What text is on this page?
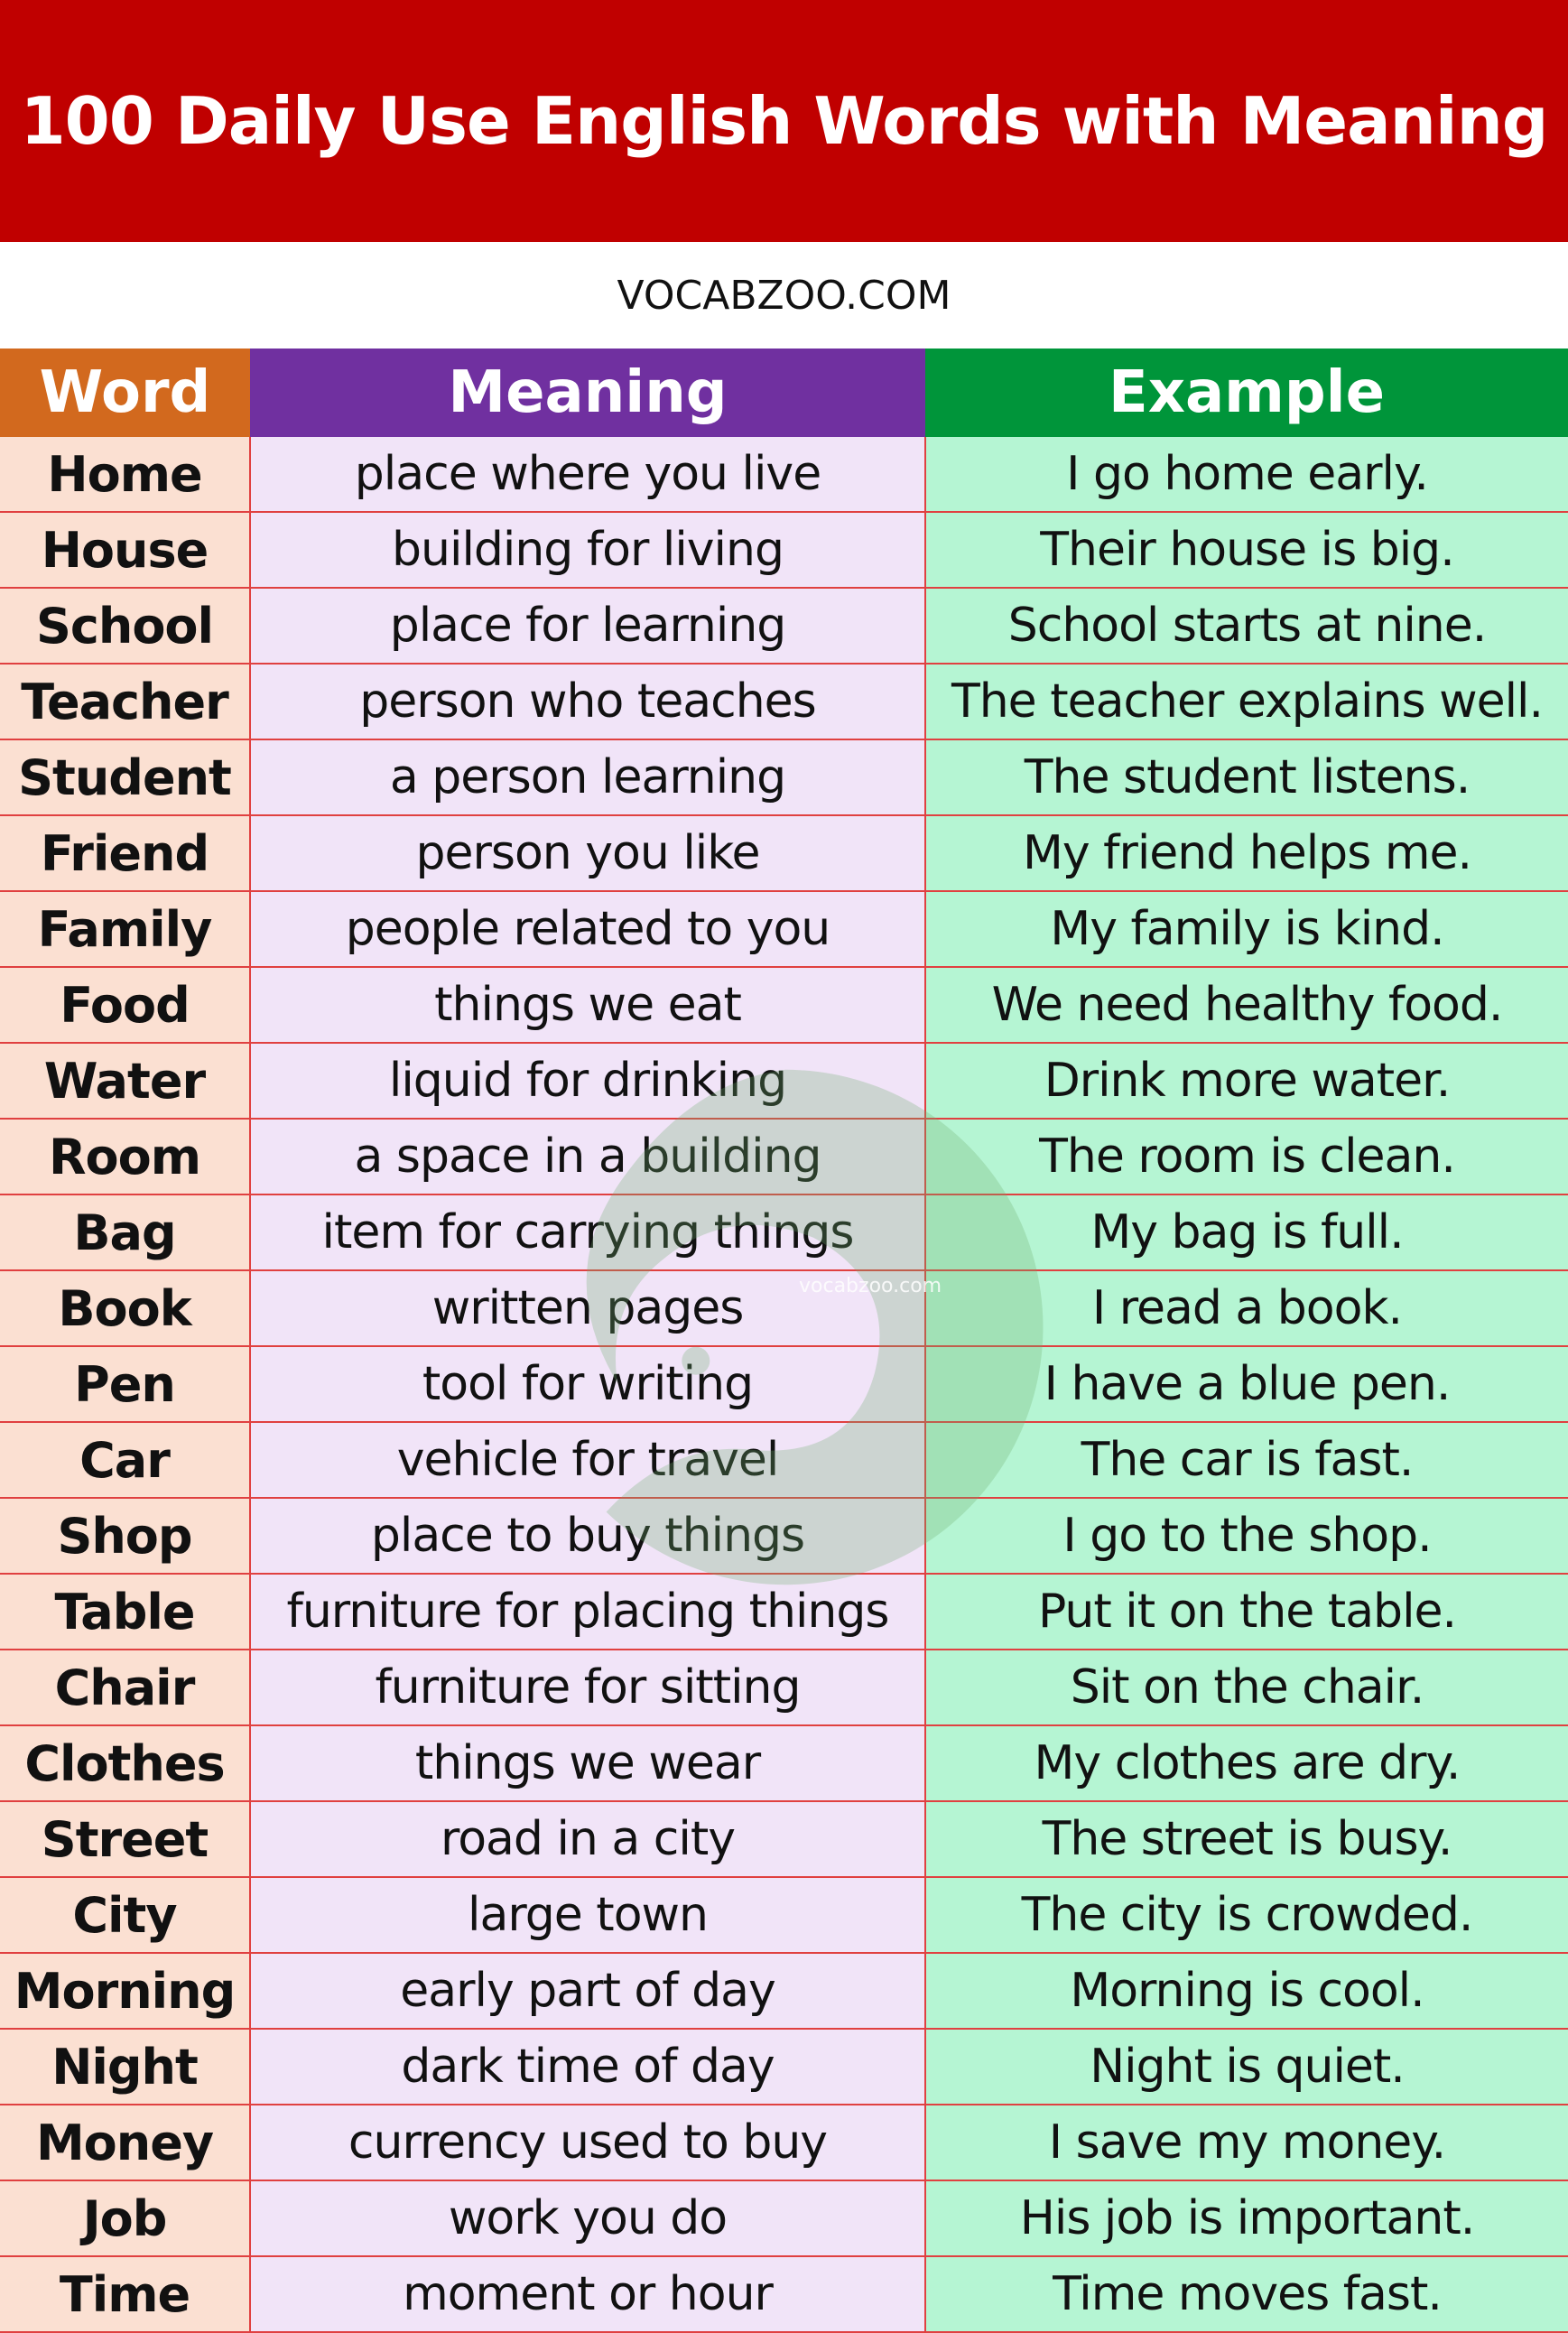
100 Daily Use English Words with Meaning
VOCABZOO.COM
Word	Meaning	Example
Home	place where you live	I go home early.
House	building for living	Their house is big.
School	place for learning	School starts at nine.
Teacher	person who teaches	The teacher explains well.
Student	a person learning	The student listens.
Friend	person you like	My friend helps me.
Family	people related to you	My family is kind.
Food	things we eat	We need healthy food.
Water	liquid for drinking	Drink more water.
Room	a space in a building	The room is clean.
Bag	item for carrying things	My bag is full.
Book	written pages	I read a book.
Pen	tool for writing	I have a blue pen.
Car	vehicle for travel	The car is fast.
Shop	place to buy things	I go to the shop.
Table	furniture for placing things	Put it on the table.
Chair	furniture for sitting	Sit on the chair.
Clothes	things we wear	My clothes are dry.
Street	road in a city	The street is busy.
City	large town	The city is crowded.
Morning	early part of day	Morning is cool.
Night	dark time of day	Night is quiet.
Money	currency used to buy	I save my money.
Job	work you do	His job is important.
Time	moment or hour	Time moves fast.
vocabzoo.com
